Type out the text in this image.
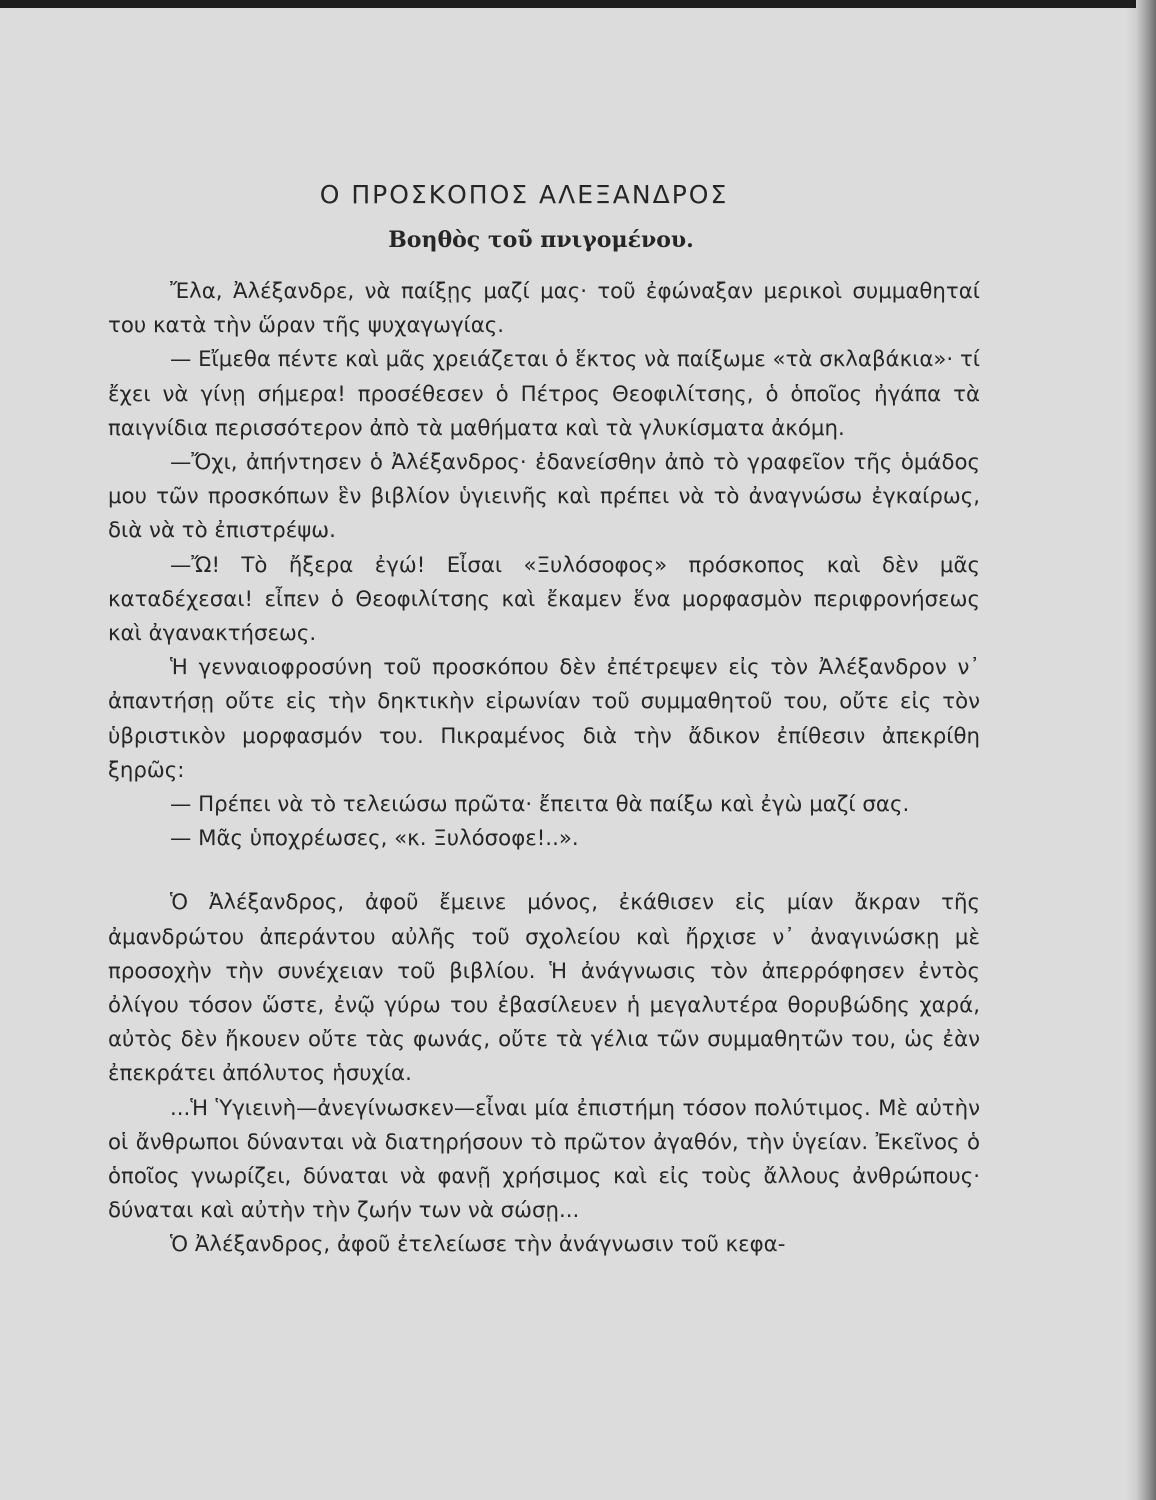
Ο ΠΡΟΣΚΟΠΟΣ ΑΛΕΞΑΝΔΡΟΣ
Βοηθὸς τοῦ πνιγομένου.

Ἔλα, Ἀλέξανδρε, νὰ παίξῃς μαζί μας· τοῦ ἐφώναξαν μερικοὶ συμμαθηταί του κατὰ τὴν ὥραν τῆς ψυχαγωγίας.

— Εἴμεθα πέντε καὶ μᾶς χρειάζεται ὁ ἕκτος νὰ παίξωμε «τὰ σκλαβάκια»· τί ἔχει νὰ γίνῃ σήμερα! προσέθεσεν ὁ Πέτρος Θεοφιλίτσης, ὁ ὁποῖος ἠγάπα τὰ παιγνίδια περισσότερον ἀπὸ τὰ μαθήματα καὶ τὰ γλυκίσματα ἀκόμη.

—Ὄχι, ἀπήντησεν ὁ Ἀλέξανδρος· ἐδανείσθην ἀπὸ τὸ γραφεῖον τῆς ὁμάδος μου τῶν προσκόπων ἓν βιβλίον ὑγιεινῆς καὶ πρέπει νὰ τὸ ἀναγνώσω ἐγκαίρως, διὰ νὰ τὸ ἐπιστρέψω.

—Ὤ! Τὸ ἤξερα ἐγώ! Εἶσαι «Ξυλόσοφος» πρόσκοπος καὶ δὲν μᾶς καταδέχεσαι! εἶπεν ὁ Θεοφιλίτσης καὶ ἔκαμεν ἕνα μορφασμὸν περιφρονήσεως καὶ ἀγανακτήσεως.

Ἡ γενναιοφροσύνη τοῦ προσκόπου δὲν ἐπέτρεψεν εἰς τὸν Ἀλέξανδρον ν᾿ ἀπαντήσῃ οὔτε εἰς τὴν δηκτικὴν εἰρωνίαν τοῦ συμμαθητοῦ του, οὔτε εἰς τὸν ὑβριστικὸν μορφασμόν του. Πικραμένος διὰ τὴν ἄδικον ἐπίθεσιν ἀπεκρίθη ξηρῶς:

— Πρέπει νὰ τὸ τελειώσω πρῶτα· ἔπειτα θὰ παίξω καὶ ἐγὼ μαζί σας.

— Μᾶς ὑποχρέωσες, «κ. Ξυλόσοφε!..».

Ὁ Ἀλέξανδρος, ἀφοῦ ἔμεινε μόνος, ἐκάθισεν εἰς μίαν ἄκραν τῆς ἀμανδρώτου ἀπεράντου αὐλῆς τοῦ σχολείου καὶ ἤρχισε ν᾿ ἀναγινώσκῃ μὲ προσοχὴν τὴν συνέχειαν τοῦ βιβλίου. Ἡ ἀνάγνωσις τὸν ἀπερρόφησεν ἐντὸς ὀλίγου τόσον ὥστε, ἐνῷ γύρω του ἐβασίλευεν ἡ μεγαλυτέρα θορυβώδης χαρά, αὐτὸς δὲν ἤκουεν οὔτε τὰς φωνάς, οὔτε τὰ γέλια τῶν συμμαθητῶν του, ὡς ἐὰν ἐπεκράτει ἀπόλυτος ἡσυχία.

...Ἡ Ὑγιεινὴ—ἀνεγίνωσκεν—εἶναι μία ἐπιστήμη τόσον πολύτιμος. Μὲ αὐτὴν οἱ ἄνθρωποι δύνανται νὰ διατηρήσουν τὸ πρῶτον ἀγαθόν, τὴν ὑγείαν. Ἐκεῖνος ὁ ὁποῖος γνωρίζει, δύναται νὰ φανῇ χρήσιμος καὶ εἰς τοὺς ἄλλους ἀνθρώπους· δύναται καὶ αὐτὴν τὴν ζωήν των νὰ σώσῃ...

Ὁ Ἀλέξανδρος, ἀφοῦ ἐτελείωσε τὴν ἀνάγνωσιν τοῦ κεφα-
